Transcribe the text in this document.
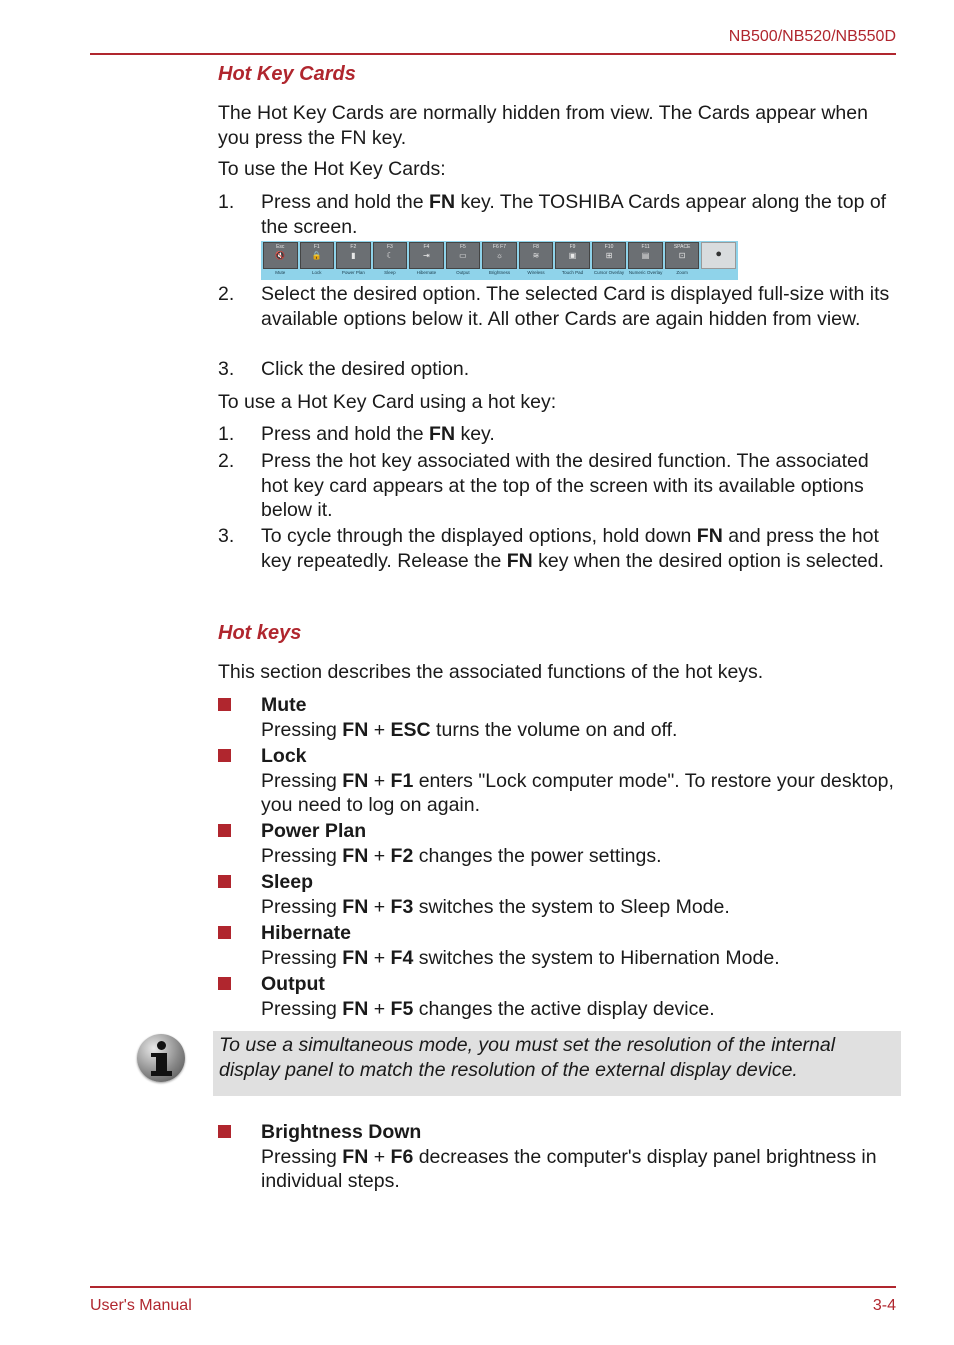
NB500/NB520/NB550D
Hot Key Cards
The Hot Key Cards are normally hidden from view. The Cards appear when you press the FN key.
To use the Hot Key Cards:
1. Press and hold the FN key. The TOSHIBA Cards appear along the top of the screen.
Esc
🔇
Mute
F1
🔒
Lock
F2
▮
Power Plan
F3
☾
Sleep
F4
⇥
Hibernate
F5
▭
Output
F6 F7
☼
Brightness
F8
≋
Wireless
F9
▣
Touch Pad
F10
⊞
Cursor Overlay
F11
▤
Numeric Overlay
SPACE
⊡
Zoom
●
2. Select the desired option. The selected Card is displayed full-size with its available options below it. All other Cards are again hidden from view.
3. Click the desired option.
To use a Hot Key Card using a hot key:
1. Press and hold the FN key.
2. Press the hot key associated with the desired function. The associated hot key card appears at the top of the screen with its available options below it.
3. To cycle through the displayed options, hold down FN and press the hot key repeatedly. Release the FN key when the desired option is selected.
Hot keys
This section describes the associated functions of the hot keys.
Mute
Pressing FN + ESC turns the volume on and off.
Lock
Pressing FN + F1 enters "Lock computer mode". To restore your desktop, you need to log on again.
Power Plan
Pressing FN + F2 changes the power settings.
Sleep
Pressing FN + F3 switches the system to Sleep Mode.
Hibernate
Pressing FN + F4 switches the system to Hibernation Mode.
Output
Pressing FN + F5 changes the active display device.
To use a simultaneous mode, you must set the resolution of the internal display panel to match the resolution of the external display device.
Brightness Down
Pressing FN + F6 decreases the computer's display panel brightness in individual steps.
User's Manual	3-4
